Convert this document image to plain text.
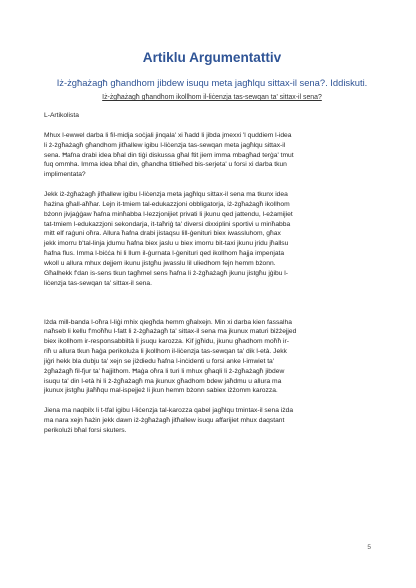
Artiklu Argumentattiv
Iż-żgħażagħ għandhom jibdew isuqu meta jagħlqu sittax-il sena?. Iddiskuti.
Iż-żgħażagħ għandhom ikollhom il-liċenzja tas-sewqan ta' sittax-il sena?
L-Artikolista
Mhux l-ewwel darba li fil-midja soċjali jinqala' xi ħadd li jibda jmexxi 'l quddiem l-idea
li ż-żgħażagħ għandhom jitħallew igibu l-liċenzja tas-sewqan meta jagħlqu sittax-il
sena. Ħafna drabi idea bħal din tiġi diskussa għal ftit jiem imma mbagħad terġa' tmut
fuq ommha. Imma idea bħal din, għandha tittieħed bis-serjeta' u forsi xi darba tkun
implimentata?
Jekk iż-żgħażagħ jitħallew igibu l-liċenzja meta jagħlqu sittax-il sena ma tkunx idea
ħażina għall-aħħar. Lejn it-tmiem tal-edukazzjoni obbligatorja, iż-żgħażagħ ikollhom
bżonn jivjaġġaw ħafna minħabba l-lezzjonijiet privati li jkunu qed jattendu, l-eżamijiet
tat-tmiem l-edukazzjoni sekondarja, it-taħriġ ta' diversi dixxiplini sportivi u minħabba
mitt elf raġuni oħra. Allura ħafna drabi jistaqsu lill-ġenituri biex iwassluhom, għax
jekk imorru b'tal-linja jdumu ħafna biex jaslu u biex imorru bit-taxi jkunu jridu jħallsu
ħafna flus. Imma l-biċċa hi li llum il-ġurnata l-ġenituri qed ikollhom ħajja impenjata
wkoll u allura mhux dejjem ikunu jistgħu jwasslu lil uliedhom fejn hemm bżonn.
Għalhekk f'dan is-sens tkun tagħmel sens ħafna li ż-żgħażagħ jkunu jistgħu jġibu l-
liċenzja tas-sewqan ta' sittax-il sena.
Iżda mill-banda l-oħra l-liġi mhix qiegħda hemm għalxejn. Min xi darba kien fassalha
naħseb li kellu f'moħħu l-fatt li ż-żgħażagħ ta' sittax-il sena ma jkunux maturi biżżejjed
biex ikollhom ir-responsabbiltà li jsuqu karozza. Kif jgħidu, jkunu għadhom moħħ ir-
riħ u allura tkun ħaġa perikoluża li jkollhom il-liċenzja tas-sewqan ta' dik l-età. Jekk
jiġri hekk bla dubju ta' xejn se jiżdiedu ħafna l-inċidenti u forsi anke l-imwiet ta'
żgħażagħ fil-fjur ta' ħajjithom. Ħaġa oħra li turi li mhux għaqli li ż-żgħażagħ jibdew
isuqu ta' din l-età hi li ż-żgħażagħ ma jkunux għadhom bdew jaħdmu u allura ma
jkunux jistgħu jlaħħqu mal-ispejjeż li jkun hemm bżonn sabiex iżżomm karozza.
Jiena ma naqbilx li t-tfal igibu l-liċenzja tal-karozza qabel jagħlqu tmintax-il sena iżda
ma nara xejn ħażin jekk dawn iż-żgħażagħ jitħallew isuqu affarijiet mhux daqstant
perikolużi bħal forsi skuters.
5
